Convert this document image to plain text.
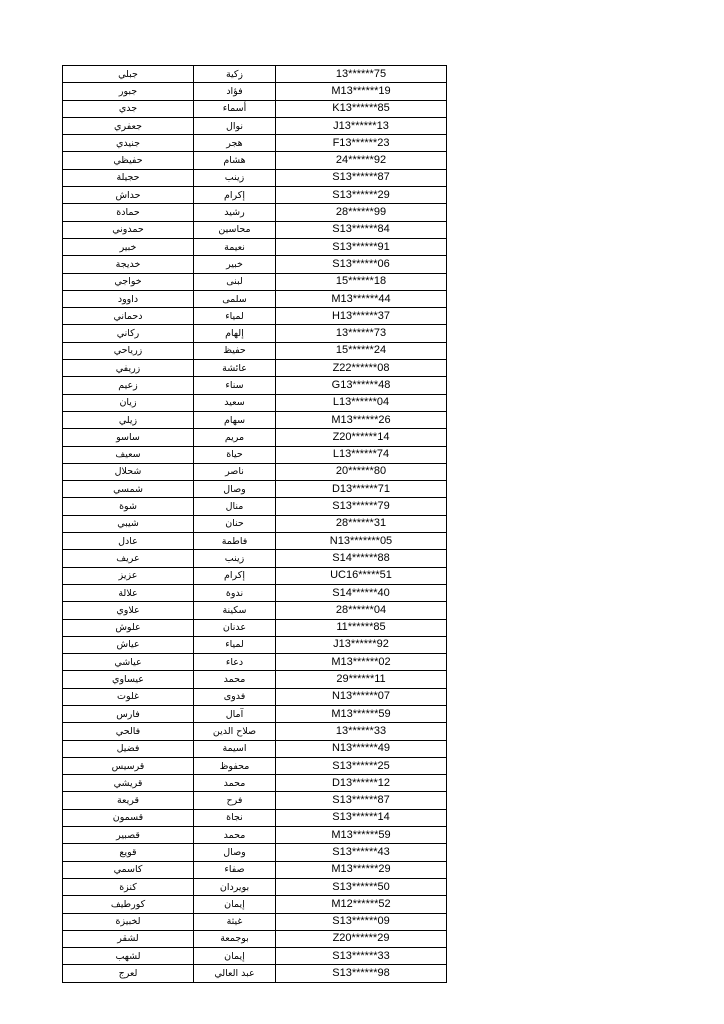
جبلي	زكية	13******75
جبور	فؤاد	M13******19
جدي	أسماء	K13******85
جعفري	نوال	J13******13
جنيدي	هجر	F13******23
حفيظي	هشام	24******92
حجيلة	زينب	S13******87
حداش	إكرام	S13******29
حمادة	رشيد	28******99
حمدوني	محاسين	S13******84
خبير	نعيمة	S13******91
خديجة	خبير	S13******06
خواجي	لبنى	15******18
داوود	سلمى	M13******44
دحماني	لمياء	H13******37
ركاني	إلهام	13******73
زرياحي	حفيظ	15******24
زريفي	عائشة	Z22******08
زعيم	سناء	G13******48
زيان	سعيد	L13******04
زيلي	سهام	M13******26
ساسو	مريم	Z20******14
سعيف	حياة	L13******74
شحلال	ناصر	20******80
شمسي	وصال	D13******71
شوة	منال	S13******79
شيبي	حنان	28******31
عادل	فاطمة	N13*******05
عريف	زينب	S14******88
عزيز	إكرام	UC16*****51
علالة	ندوة	S14******40
علاوي	سكينة	28******04
علوش	عدنان	11******85
عياش	لمياء	J13******92
عياشي	دعاء	M13******02
عيساوي	محمد	29******11
غلوت	فدوى	N13******07
فارس	آمال	M13******59
فالحي	صلاح الدين	13******33
فضيل	اسيمة	N13******49
قرسيس	محفوظ	S13******25
قريشي	محمد	D13******12
قريعة	فرح	S13******87
قسمون	نجاة	S13******14
قصبير	محمد	M13******59
قويع	وصال	S13******43
كاسمي	صفاء	M13******29
كنزة	بويردان	S13******50
كورطيف	إيمان	M12******52
لخبيزة	غيثة	S13******09
لشقر	بوجمعة	Z20******29
لشهب	إيمان	S13******33
لعرج	عبد العالي	S13******98
